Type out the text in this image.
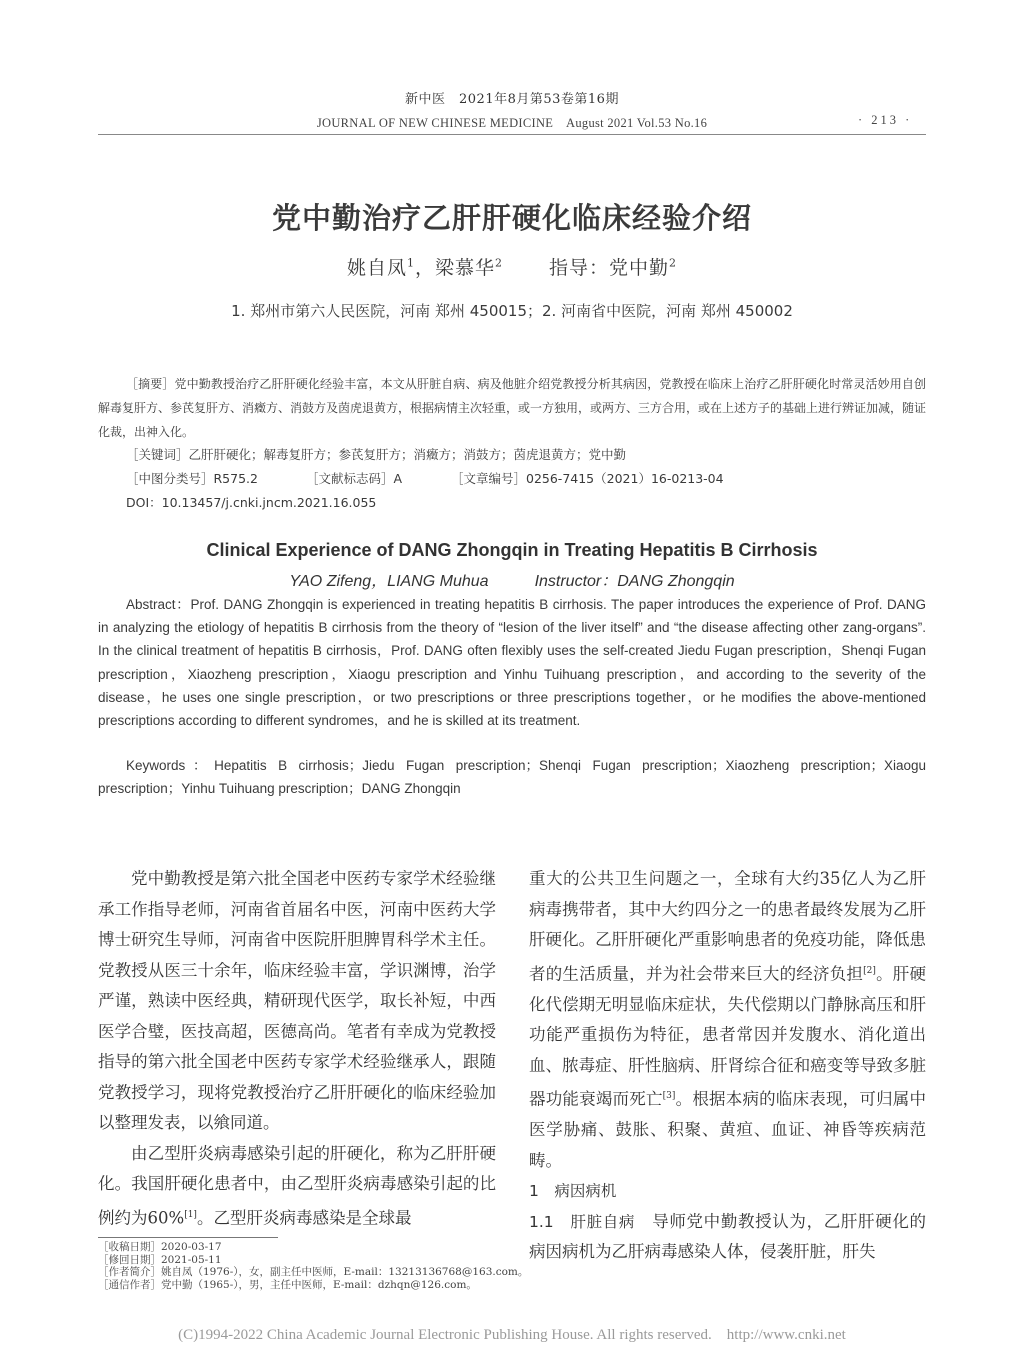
新中医　2021年8月第53卷第16期
JOURNAL OF NEW CHINESE MEDICINE　August 2021 Vol.53 No.16	· 213 ·
党中勤治疗乙肝肝硬化临床经验介绍
姚自凤$^1$，梁慕华$^2$ 指导：党中勤$^2$
1. 郑州市第六人民医院，河南 郑州 450015；2. 河南省中医院，河南 郑州 450002
［摘要］党中勤教授治疗乙肝肝硬化经验丰富，本文从肝脏自病、病及他脏介绍党教授分析其病因，党教授在临床上治疗乙肝肝硬化时常灵活妙用自创解毒复肝方、参芪复肝方、消癥方、消鼓方及茵虎退黄方，根据病情主次轻重，或一方独用，或两方、三方合用，或在上述方子的基础上进行辨证加减，随证化裁，出神入化。
［关键词］乙肝肝硬化；解毒复肝方；参芪复肝方；消癥方；消鼓方；茵虎退黄方；党中勤
［中图分类号］R575.2	［文献标志码］A	［文章编号］0256-7415（2021）16-0213-04
DOI：10.13457/j.cnki.jncm.2021.16.055
Clinical Experience of DANG Zhongqin in Treating Hepatitis B Cirrhosis
YAO Zifeng，LIANG Muhua	Instructor：DANG Zhongqin
Abstract：Prof. DANG Zhongqin is experienced in treating hepatitis B cirrhosis. The paper introduces the experience of Prof. DANG in analyzing the etiology of hepatitis B cirrhosis from the theory of “lesion of the liver itself” and “the disease affecting other zang-organs”. In the clinical treatment of hepatitis B cirrhosis，Prof. DANG often flexibly uses the self-created Jiedu Fugan prescription，Shenqi Fugan prescription，Xiaozheng prescription，Xiaogu prescription and Yinhu Tuihuang prescription，and according to the severity of the disease，he uses one single prescription，or two prescriptions or three prescriptions together，or he modifies the above-mentioned prescriptions according to different syndromes，and he is skilled at its treatment.
Keywords：Hepatitis B cirrhosis；Jiedu Fugan prescription；Shenqi Fugan prescription；Xiaozheng prescription；Xiaogu prescription；Yinhu Tuihuang prescription；DANG Zhongqin

党中勤教授是第六批全国老中医药专家学术经验继承工作指导老师，河南省首届名中医，河南中医药大学博士研究生导师，河南省中医院肝胆脾胃科学术主任。党教授从医三十余年，临床经验丰富，学识渊博，治学严谨，熟读中医经典，精研现代医学，取长补短，中西医学合璧，医技高超，医德高尚。笔者有幸成为党教授指导的第六批全国老中医药专家学术经验继承人，跟随党教授学习，现将党教授治疗乙肝肝硬化的临床经验加以整理发表，以飨同道。

由乙型肝炎病毒感染引起的肝硬化，称为乙肝肝硬化。我国肝硬化患者中，由乙型肝炎病毒感染引起的比例约为60%[1]。乙型肝炎病毒感染是全球最

重大的公共卫生问题之一，全球有大约35亿人为乙肝病毒携带者，其中大约四分之一的患者最终发展为乙肝肝硬化。乙肝肝硬化严重影响患者的免疫功能，降低患者的生活质量，并为社会带来巨大的经济负担[2]。肝硬化代偿期无明显临床症状，失代偿期以门静脉高压和肝功能严重损伤为特征，患者常因并发腹水、消化道出血、脓毒症、肝性脑病、肝肾综合征和癌变等导致多脏器功能衰竭而死亡[3]。根据本病的临床表现，可归属中医学胁痛、鼓胀、积聚、黄疸、血证、神昏等疾病范畴。

1　病因病机

1.1　肝脏自病　导师党中勤教授认为，乙肝肝硬化的病因病机为乙肝病毒感染人体，侵袭肝脏，肝失

［收稿日期］2020-03-17
［修回日期］2021-05-11
［作者简介］姚自凤（1976-），女，副主任中医师，E-mail：13213136768@163.com。
［通信作者］党中勤（1965-），男，主任中医师，E-mail：dzhqn@126.com。
(C)1994-2022 China Academic Journal Electronic Publishing House. All rights reserved.　http://www.cnki.net
